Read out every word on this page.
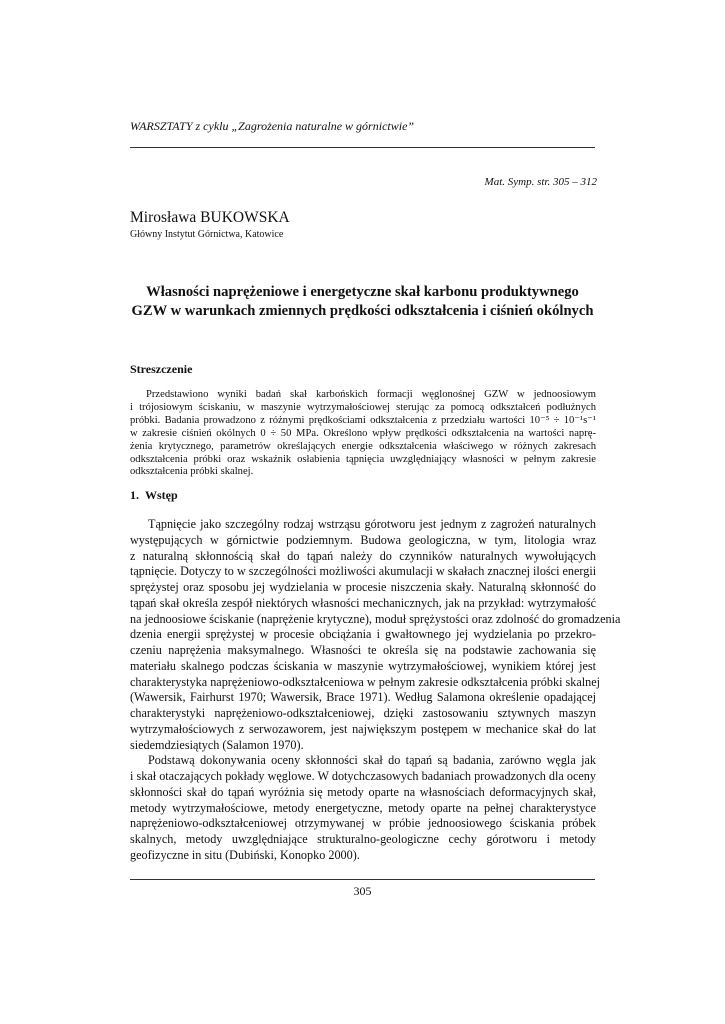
WARSZTATY z cyklu „Zagrożenia naturalne w górnictwie”
Mat. Symp. str. 305 – 312
Mirosława BUKOWSKA
Główny Instytut Górnictwa, Katowice
Własności naprężeniowe i energetyczne skał karbonu produktywnego
GZW w warunkach zmiennych prędkości odkształcenia i ciśnień okólnych
Streszczenie
Przedstawiono wyniki badań skał karbońskich formacji węglonośnej GZW w jednoosiowym
i trójosiowym ściskaniu, w maszynie wytrzymałościowej sterując za pomocą odkształceń podłużnych
próbki. Badania prowadzono z różnymi prędkościami odkształcenia z przedziału wartości 10⁻⁵ ÷ 10⁻¹s⁻¹
w zakresie ciśnień okólnych 0 ÷ 50 MPa. Określono wpływ prędkości odkształcenia na wartości naprę-
żenia krytycznego, parametrów określających energie odkształcenia właściwego w różnych zakresach
odkształcenia próbki oraz wskaźnik osłabienia tąpnięcia uwzględniający własności w pełnym zakresie
odkształcenia próbki skalnej.
1. Wstęp
Tąpnięcie jako szczególny rodzaj wstrząsu górotworu jest jednym z zagrożeń naturalnych
występujących w górnictwie podziemnym. Budowa geologiczna, w tym, litologia wraz
z naturalną skłonnością skał do tąpań należy do czynników naturalnych wywołujących
tąpnięcie. Dotyczy to w szczególności możliwości akumulacji w skałach znacznej ilości energii
sprężystej oraz sposobu jej wydzielania w procesie niszczenia skały. Naturalną skłonność do
tąpań skał określa zespół niektórych własności mechanicznych, jak na przykład: wytrzymałość
na jednoosiowe ściskanie (naprężenie krytyczne), moduł sprężystości oraz zdolność do gromadzenia
dzenia energii sprężystej w procesie obciążania i gwałtownego jej wydzielania po przekro-
czeniu naprężenia maksymalnego. Własności te określa się na podstawie zachowania się
materiału skalnego podczas ściskania w maszynie wytrzymałościowej, wynikiem której jest
charakterystyka naprężeniowo-odkształceniowa w pełnym zakresie odkształcenia próbki skalnej
(Wawersik, Fairhurst 1970; Wawersik, Brace 1971). Według Salamona określenie opadającej
charakterystyki naprężeniowo-odkształceniowej, dzięki zastosowaniu sztywnych maszyn
wytrzymałościowych z serwozaworem, jest największym postępem w mechanice skał do lat
siedemdziesiątych (Salamon 1970).
Podstawą dokonywania oceny skłonności skał do tąpań są badania, zarówno węgla jak
i skał otaczających pokłady węglowe. W dotychczasowych badaniach prowadzonych dla oceny
skłonności skał do tąpań wyróżnia się metody oparte na własnościach deformacyjnych skał,
metody wytrzymałościowe, metody energetyczne, metody oparte na pełnej charakterystyce
naprężeniowo-odkształceniowej otrzymywanej w próbie jednoosiowego ściskania próbek
skalnych, metody uwzględniające strukturalno-geologiczne cechy górotworu i metody
geofizyczne in situ (Dubiński, Konopko 2000).
305
